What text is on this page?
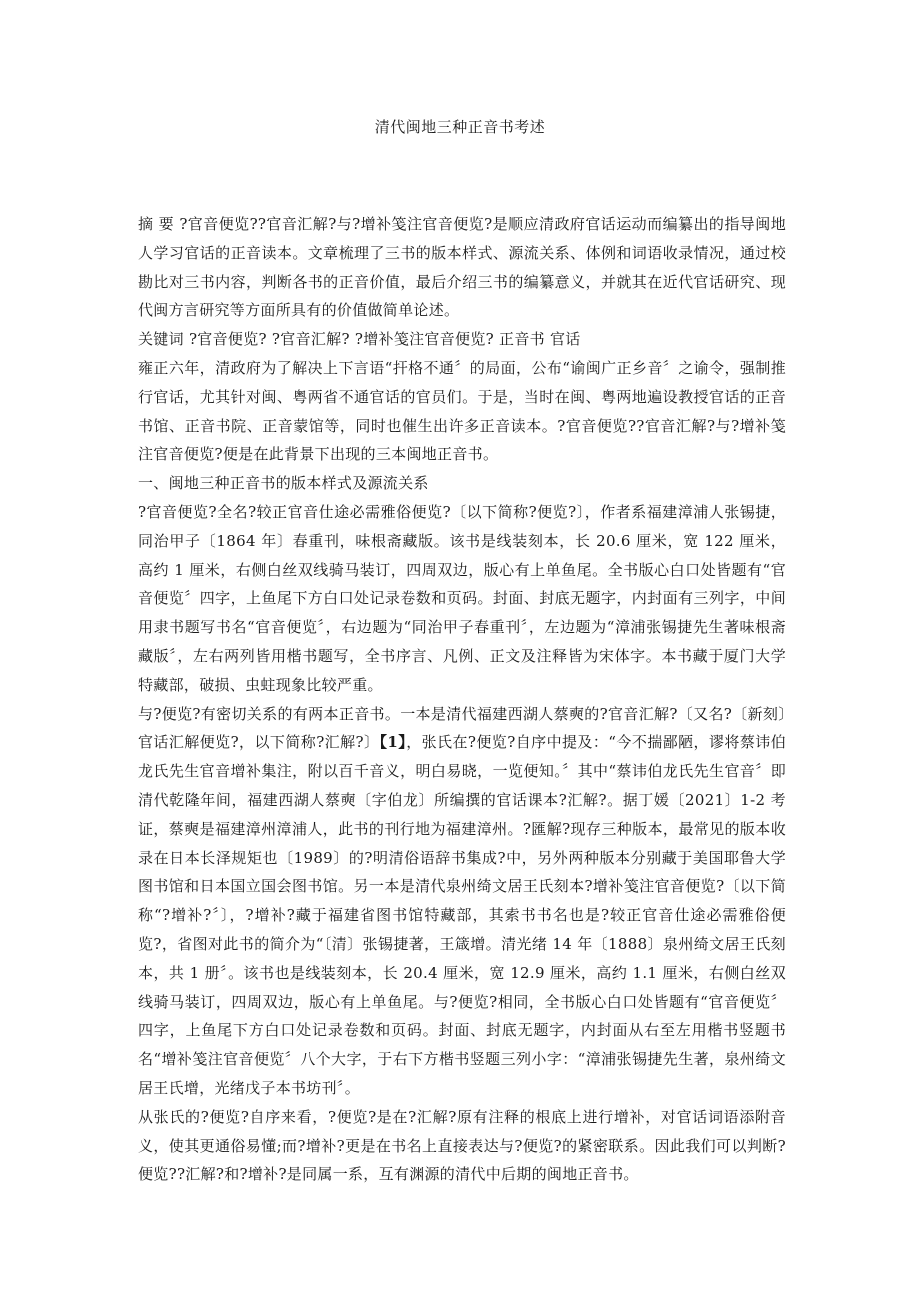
清代闽地三种正音书考述

摘 要 ?官音便览??官音汇解?与?增补笺注官音便览?是顺应清政府官话运动而编纂出的指导闽地人学习官话的正音读本。文章梳理了三书的版本样式、源流关系、体例和词语收录情况，通过校勘比对三书内容，判断各书的正音价值，最后介绍三书的编纂意义，并就其在近代官话研究、现代闽方言研究等方面所具有的价值做简单论述。

关键词 ?官音便览? ?官音汇解? ?增补笺注官音便览? 正音书 官话

雍正六年，清政府为了解决上下言语“扞格不通〞的局面，公布“谕闽广正乡音〞之谕令，强制推行官话，尤其针对闽、粤两省不通官话的官员们。于是，当时在闽、粤两地遍设教授官话的正音书馆、正音书院、正音蒙馆等，同时也催生出许多正音读本。?官音便览??官音汇解?与?增补笺注官音便览?便是在此背景下出现的三本闽地正音书。

一、闽地三种正音书的版本样式及源流关系

?官音便览?全名?较正官音仕途必需雅俗便览?〔以下简称?便览?〕，作者系福建漳浦人张锡捷，同治甲子〔1864 年〕春重刊，味根斋藏版。该书是线装刻本，长 20.6 厘米，宽 122 厘米，高约 1 厘米，右侧白丝双线骑马装订，四周双边，版心有上单鱼尾。全书版心白口处皆题有“官音便览〞四字，上鱼尾下方白口处记录卷数和页码。封面、封底无题字，内封面有三列字，中间用隶书题写书名“官音便览〞，右边题为“同治甲子春重刊〞，左边题为“漳浦张锡捷先生著味根斋藏版〞，左右两列皆用楷书题写，全书序言、凡例、正文及注释皆为宋体字。本书藏于厦门大学特藏部，破损、虫蛀现象比较严重。

与?便览?有密切关系的有两本正音书。一本是清代福建西湖人蔡奭的?官音汇解?〔又名?〔新刻〕官话汇解便览?，以下简称?汇解?〕【1】，张氏在?便览?自序中提及：“今不揣鄙陋，谬将蔡讳伯龙氏先生官音增补集注，附以百千音义，明白易晓，一览便知。〞其中“蔡讳伯龙氏先生官音〞即清代乾隆年间，福建西湖人蔡奭〔字伯龙〕所编撰的官话课本?汇解?。据丁媛〔2021〕1-2 考证，蔡奭是福建漳州漳浦人，此书的刊行地为福建漳州。?匯解?现存三种版本，最常见的版本收录在日本长泽规矩也〔1989〕的?明清俗语辞书集成?中，另外两种版本分别藏于美国耶鲁大学图书馆和日本国立国会图书馆。另一本是清代泉州绮文居王氏刻本?增补笺注官音便览?〔以下简称“?增补?〞〕，?增补?藏于福建省图书馆特藏部，其索书书名也是?较正官音仕途必需雅俗便览?，省图对此书的简介为“〔清〕张锡捷著，王箴增。清光绪 14 年〔1888〕泉州绮文居王氏刻本，共 1 册〞。该书也是线装刻本，长 20.4 厘米，宽 12.9 厘米，高约 1.1 厘米，右侧白丝双线骑马装订，四周双边，版心有上单鱼尾。与?便览?相同，全书版心白口处皆题有“官音便览〞四字，上鱼尾下方白口处记录卷数和页码。封面、封底无题字，内封面从右至左用楷书竖题书名“增补笺注官音便览〞八个大字，于右下方楷书竖题三列小字：“漳浦张锡捷先生著，泉州绮文居王氏增，光绪戊子本书坊刊〞。

从张氏的?便览?自序来看，?便览?是在?汇解?原有注释的根底上进行增补，对官话词语添附音义，使其更通俗易懂;而?增补?更是在书名上直接表达与?便览?的紧密联系。因此我们可以判断?便览??汇解?和?增补?是同属一系，互有渊源的清代中后期的闽地正音书。
